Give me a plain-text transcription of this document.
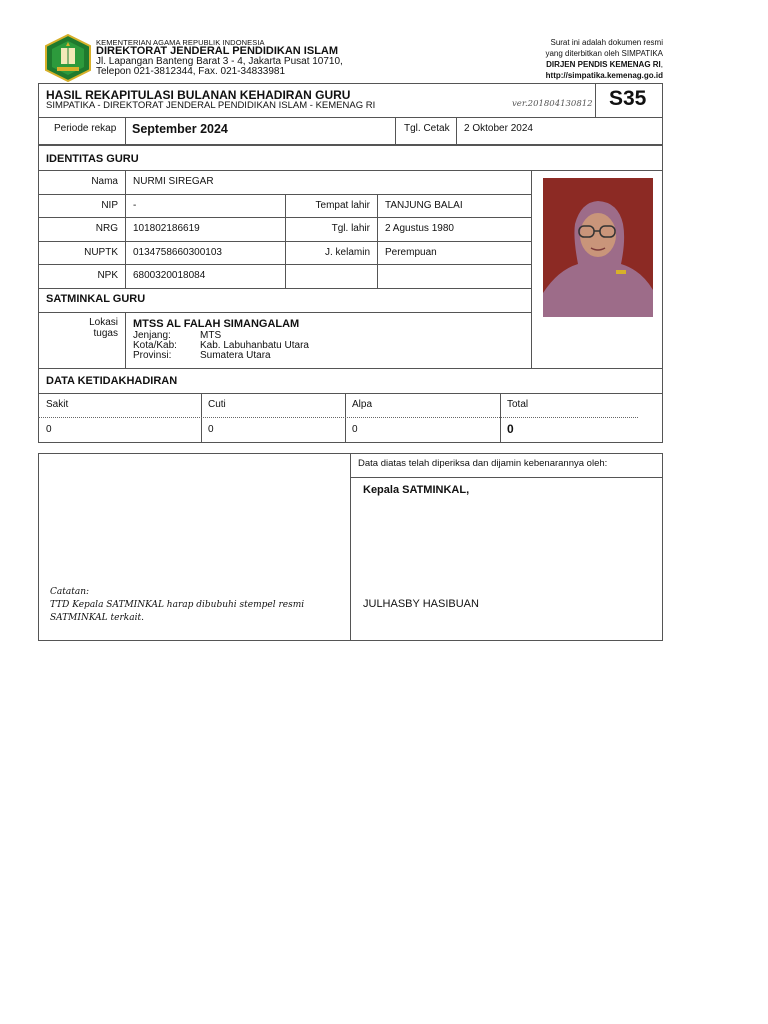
KEMENTERIAN AGAMA REPUBLIK INDONESIA
DIREKTORAT JENDERAL PENDIDIKAN ISLAM
Jl. Lapangan Banteng Barat 3 - 4, Jakarta Pusat 10710,
Telepon 021-3812344, Fax. 021-34833981
Surat ini adalah dokumen resmi
yang diterbitkan oleh SIMPATIKA
DIRJEN PENDIS KEMENAG RI,
http://simpatika.kemenag.go.id
HASIL REKAPITULASI BULANAN KEHADIRAN GURU
SIMPATIKA - DIREKTORAT JENDERAL PENDIDIKAN ISLAM - KEMENAG RI	ver.201804130812 S35
Periode rekap September 2024	Tgl. Cetak 2 Oktober 2024
IDENTITAS GURU
Nama NURMI SIREGAR
NIP -	Tempat lahir TANJUNG BALAI
NRG 101802186619	Tgl. lahir 2 Agustus 1980
NUPTK 0134758660300103	J. kelamin Perempuan
NPK 6800320018084
SATMINKAL GURU
Lokasi
tugas
MTSS AL FALAH SIMANGALAM
Jenjang:	MTS
Kota/Kab: Kab. Labuhanbatu Utara
Provinsi:	Sumatera Utara
DATA KETIDAKHADIRAN
Sakit	Cuti	Alpa	Total
0	0	0	0
Data diatas telah diperiksa dan dijamin kebenarannya oleh:
Kepala SATMINKAL,
JULHASBY HASIBUAN
Catatan:
TTD Kepala SATMINKAL harap dibubuhi stempel resmi
SATMINKAL terkait.
